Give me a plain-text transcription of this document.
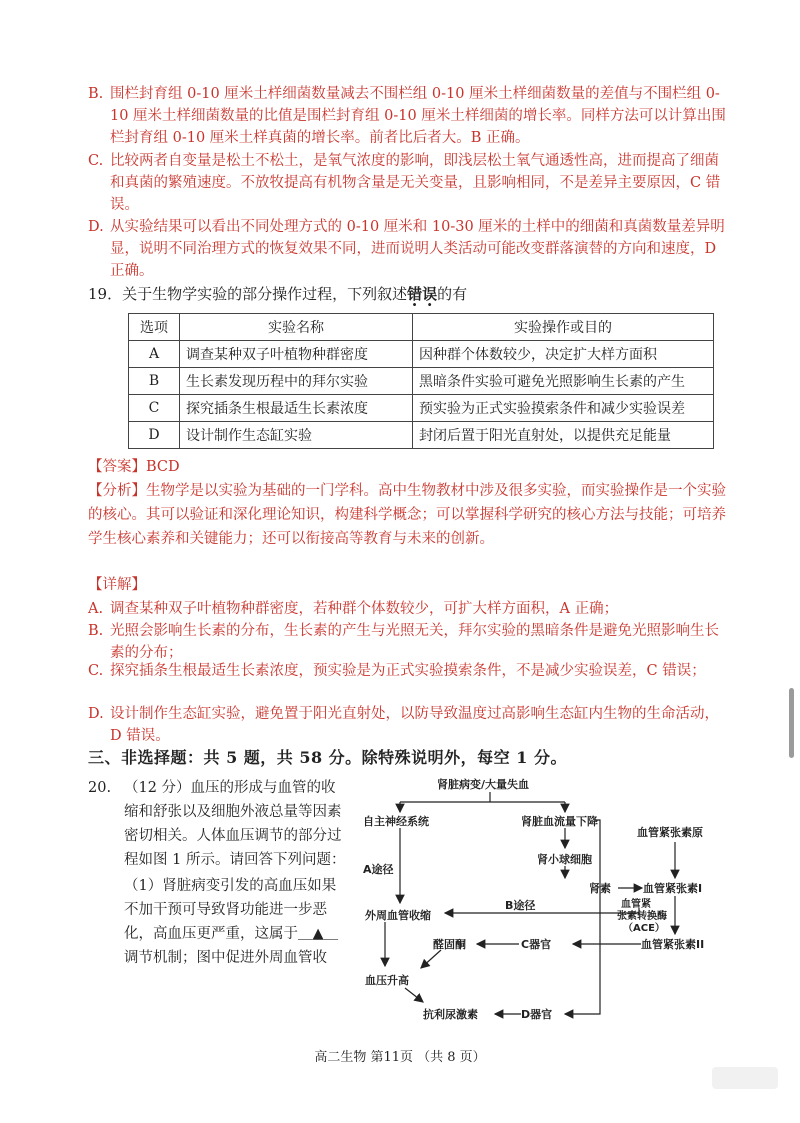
B. 围栏封育组 0-10 厘米土样细菌数量减去不围栏组 0-10 厘米土样细菌数量的差值与不围栏组 0-10 厘米土样细菌数量的比值是围栏封育组 0-10 厘米土样细菌的增长率。同样方法可以计算出围栏封育组 0-10 厘米土样真菌的增长率。前者比后者大。B 正确。
C. 比较两者自变量是松土不松土，是氧气浓度的影响，即浅层松土氧气通透性高，进而提高了细菌和真菌的繁殖速度。不放牧提高有机物含量是无关变量，且影响相同，不是差异主要原因，C 错误。
D. 从实验结果可以看出不同处理方式的 0-10 厘米和 10-30 厘米的土样中的细菌和真菌数量差异明显，说明不同治理方式的恢复效果不同，进而说明人类活动可能改变群落演替的方向和速度，D 正确。
19．关于生物学实验的部分操作过程，下列叙述错误的有
选项	实验名称	实验操作或目的
A	调查某种双子叶植物种群密度	因种群个体数较少，决定扩大样方面积
B	生长素发现历程中的拜尔实验	黑暗条件实验可避免光照影响生长素的产生
C	探究插条生根最适生长素浓度	预实验为正式实验摸索条件和减少实验误差
D	设计制作生态缸实验	封闭后置于阳光直射处，以提供充足能量
【答案】BCD
【分析】生物学是以实验为基础的一门学科。高中生物教材中涉及很多实验，而实验操作是一个实验的核心。其可以验证和深化理论知识，构建科学概念；可以掌握科学研究的核心方法与技能；可培养学生核心素养和关键能力；还可以衔接高等教育与未来的创新。
【详解】
A. 调查某种双子叶植物种群密度，若种群个体数较少，可扩大样方面积，A 正确；
B. 光照会影响生长素的分布，生长素的产生与光照无关，拜尔实验的黑暗条件是避免光照影响生长素的分布；
C. 探究插条生根最适生长素浓度，预实验是为正式实验摸索条件，不是减少实验误差，C 错误；
D. 设计制作生态缸实验，避免置于阳光直射处，以防导致温度过高影响生态缸内生物的生命活动，D 错误。
三、非选择题：共 5 题，共 58 分。除特殊说明外，每空 1 分。
20. （12 分）血压的形成与血管的收缩和舒张以及细胞外液总量等因素密切相关。人体血压调节的部分过程如图 1 所示。请回答下列问题：
（1）肾脏病变引发的高血压如果不加干预可导致肾功能进一步恶化，高血压更严重，这属于＿▲＿调节机制；图中促进外周血管收
肾脏病变/大量失血
自主神经系统	肾脏血流量下降
血管紧张素原
A途径
肾小球细胞
肾素	血管紧张素I
血管紧
张素转换酶
（ACE）
B途径
外周血管收缩
血管紧张素II
醛固酮	C器官
血压升高
抗利尿激素	D器官
高二生物 第11页 （共 8 页）
